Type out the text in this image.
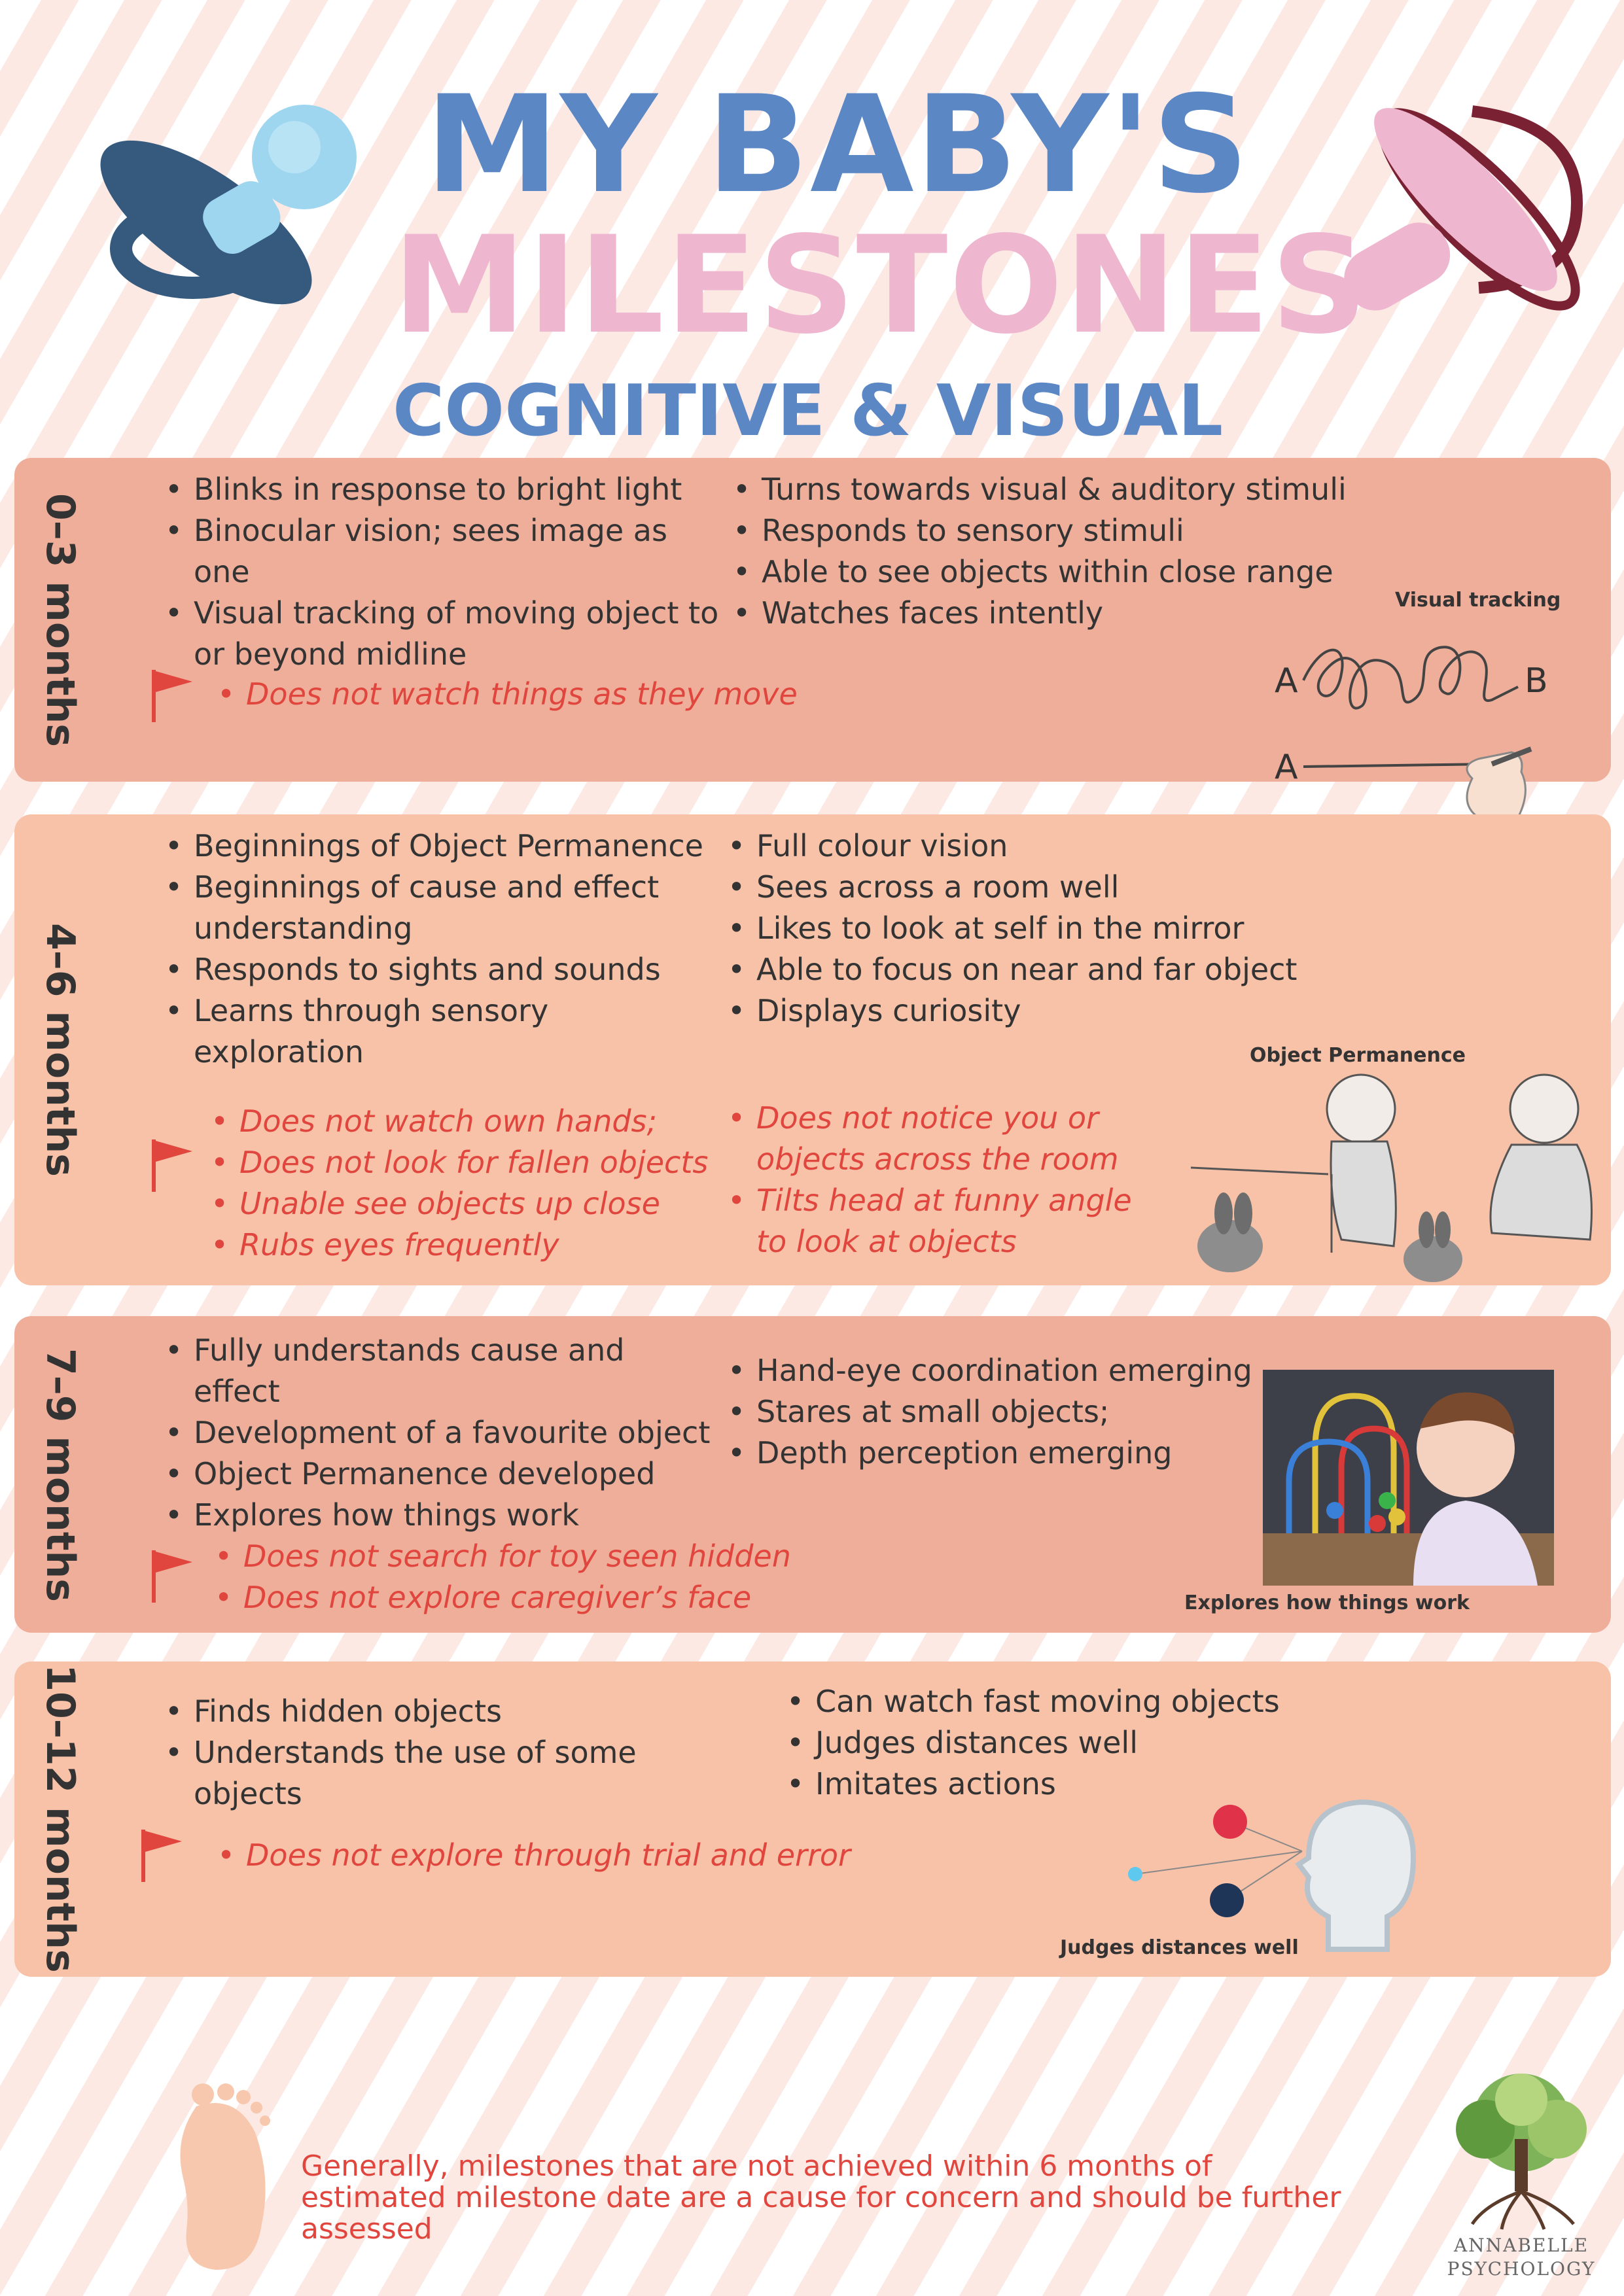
MY BABY'S
MILESTONES
COGNITIVE & VISUAL
0–3 months
• Blinks in response to bright light
• Binocular vision; sees image as one
• Visual tracking of moving object to or beyond midline
• Turns towards visual & auditory stimuli
• Responds to sensory stimuli
• Able to see objects within close range
• Watches faces intently
• Does not watch things as they move
Visual tracking
A	B
A
4–6 months
• Beginnings of Object Permanence
• Beginnings of cause and effect understanding
• Responds to sights and sounds
• Learns through sensory exploration
• Full colour vision
• Sees across a room well
• Likes to look at self in the mirror
• Able to focus on near and far object
• Displays curiosity
• Does not watch own hands;
• Does not look for fallen objects
• Unable see objects up close
• Rubs eyes frequently
• Does not notice you or objects across the room
• Tilts head at funny angle to look at objects
Object Permanence
7–9 months	• Fully understands cause and effect
• Development of a favourite object
• Object Permanence developed
• Explores how things work
• Hand-eye coordination emerging
• Stares at small objects;
• Depth perception emerging
• Does not search for toy seen hidden
• Does not explore caregiver’s face	Explores how things work
10–12 months	• Finds hidden objects
• Understands the use of some objects
• Can watch fast moving objects
• Judges distances well
• Imitates actions
• Does not explore through trial and error
Judges distances well
Generally, milestones that are not achieved within 6 months of estimated milestone date are a cause for concern and should be further assessed	ANNABELLE
PSYCHOLOGY
